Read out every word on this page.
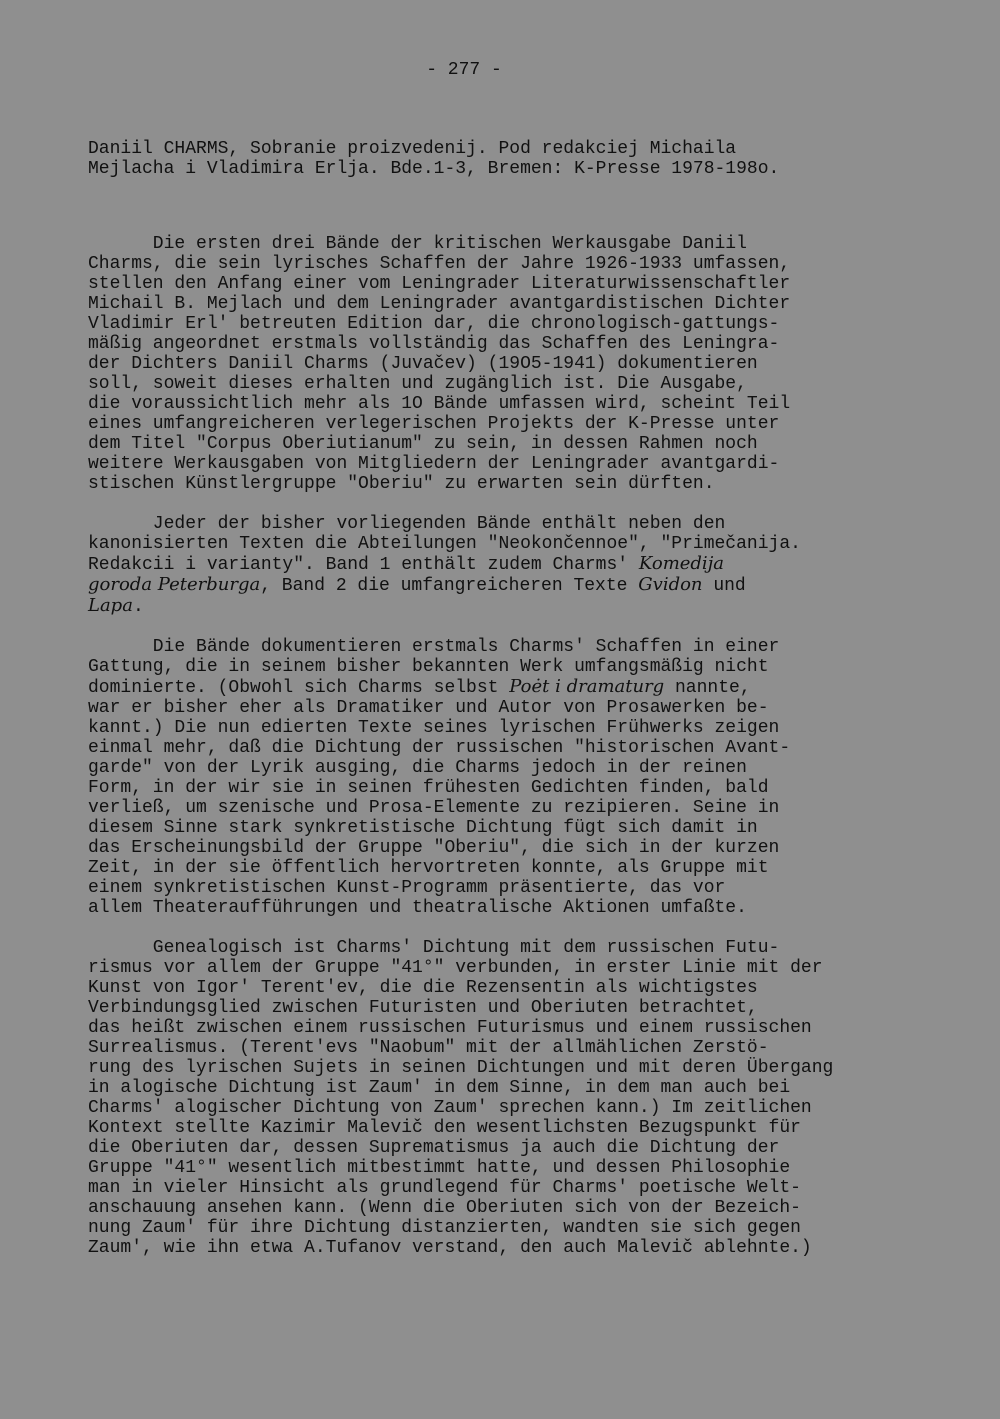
- 277 -
Daniil CHARMS, Sobranie proizvedenij. Pod redakciej Michaila
Mejlacha i Vladimira Erlja. Bde.1-3, Bremen: K-Presse 1978-198o.
Die ersten drei Bände der kritischen Werkausgabe Daniil
Charms, die sein lyrisches Schaffen der Jahre 1926-1933 umfassen,
stellen den Anfang einer vom Leningrader Literaturwissenschaftler
Michail B. Mejlach und dem Leningrader avantgardistischen Dichter
Vladimir Erl' betreuten Edition dar, die chronologisch-gattungs-
mäßig angeordnet erstmals vollständig das Schaffen des Leningra-
der Dichters Daniil Charms (Juvačev) (19O5-1941) dokumentieren
soll, soweit dieses erhalten und zugänglich ist. Die Ausgabe,
die voraussichtlich mehr als 1O Bände umfassen wird, scheint Teil
eines umfangreicheren verlegerischen Projekts der K-Presse unter
dem Titel "Corpus Oberiutianum" zu sein, in dessen Rahmen noch
weitere Werkausgaben von Mitgliedern der Leningrader avantgardi-
stischen Künstlergruppe "Oberiu" zu erwarten sein dürften.
Jeder der bisher vorliegenden Bände enthält neben den
kanonisierten Texten die Abteilungen "Neokončennoe", "Primečanija.
Redakcii i varianty". Band 1 enthält zudem Charms' Komedija
goroda Peterburga, Band 2 die umfangreicheren Texte Gvidon und
Lapa.
Die Bände dokumentieren erstmals Charms' Schaffen in einer
Gattung, die in seinem bisher bekannten Werk umfangsmäßig nicht
dominierte. (Obwohl sich Charms selbst Poėt i dramaturg nannte,
war er bisher eher als Dramatiker und Autor von Prosawerken be-
kannt.) Die nun edierten Texte seines lyrischen Frühwerks zeigen
einmal mehr, daß die Dichtung der russischen "historischen Avant-
garde" von der Lyrik ausging, die Charms jedoch in der reinen
Form, in der wir sie in seinen frühesten Gedichten finden, bald
verließ, um szenische und Prosa-Elemente zu rezipieren. Seine in
diesem Sinne stark synkretistische Dichtung fügt sich damit in
das Erscheinungsbild der Gruppe "Oberiu", die sich in der kurzen
Zeit, in der sie öffentlich hervortreten konnte, als Gruppe mit
einem synkretistischen Kunst-Programm präsentierte, das vor
allem Theateraufführungen und theatralische Aktionen umfaßte.
Genealogisch ist Charms' Dichtung mit dem russischen Futu-
rismus vor allem der Gruppe "41°" verbunden, in erster Linie mit der
Kunst von Igor' Terent'ev, die die Rezensentin als wichtigstes
Verbindungsglied zwischen Futuristen und Oberiuten betrachtet,
das heißt zwischen einem russischen Futurismus und einem russischen
Surrealismus. (Terent'evs "Naobum" mit der allmählichen Zerstö-
rung des lyrischen Sujets in seinen Dichtungen und mit deren Übergang
in alogische Dichtung ist Zaum' in dem Sinne, in dem man auch bei
Charms' alogischer Dichtung von Zaum' sprechen kann.) Im zeitlichen
Kontext stellte Kazimir Malevič den wesentlichsten Bezugspunkt für
die Oberiuten dar, dessen Suprematismus ja auch die Dichtung der
Gruppe "41°" wesentlich mitbestimmt hatte, und dessen Philosophie
man in vieler Hinsicht als grundlegend für Charms' poetische Welt-
anschauung ansehen kann. (Wenn die Oberiuten sich von der Bezeich-
nung Zaum' für ihre Dichtung distanzierten, wandten sie sich gegen
Zaum', wie ihn etwa A.Tufanov verstand, den auch Malevič ablehnte.)
